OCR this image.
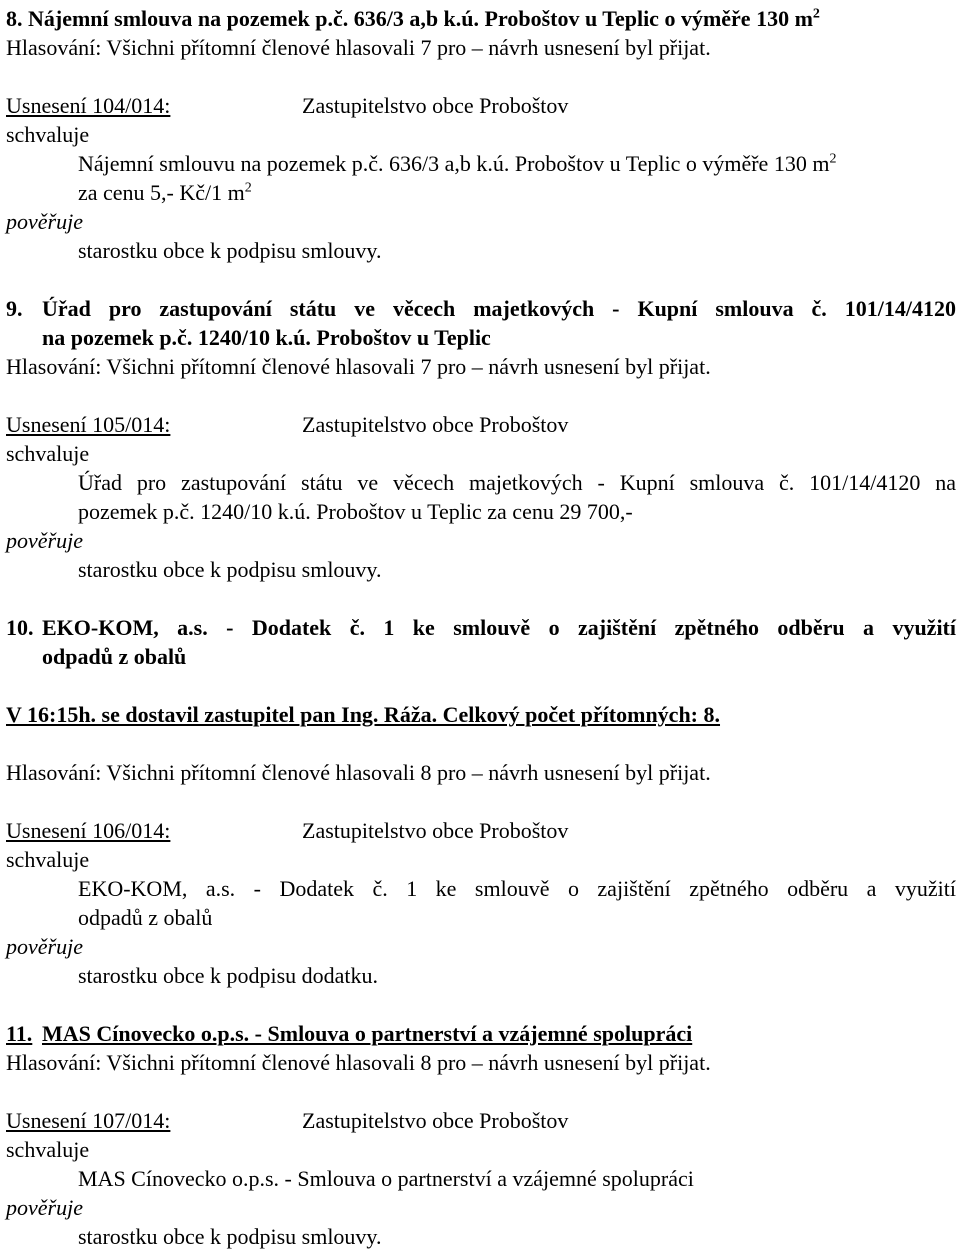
8. Nájemní smlouva na pozemek p.č. 636/3 a,b k.ú. Proboštov u Teplic o výměře 130 $m^2$
Hlasování: Všichni přítomní členové hlasovali 7 pro – návrh usnesení byl přijat.
Usnesení 104/014:	Zastupitelstvo obce Proboštov
schvaluje
Nájemní smlouvu na pozemek p.č. 636/3 a,b k.ú. Proboštov u Teplic o výměře 130 $m^2$
za cenu 5,- Kč/1 $m^2$
pověřuje
starostku obce k podpisu smlouvy.
9. Úřad pro zastupování státu ve věcech majetkových - Kupní smlouva č. 101/14/4120
na pozemek p.č. 1240/10 k.ú. Proboštov u Teplic
Hlasování: Všichni přítomní členové hlasovali 7 pro – návrh usnesení byl přijat.
Usnesení 105/014:	Zastupitelstvo obce Proboštov
schvaluje
Úřad pro zastupování státu ve věcech majetkových - Kupní smlouva č. 101/14/4120 na
pozemek p.č. 1240/10 k.ú. Proboštov u Teplic za cenu 29 700,-
pověřuje
starostku obce k podpisu smlouvy.
10. EKO-KOM, a.s. - Dodatek č. 1 ke smlouvě o zajištění zpětného odběru a využití
odpadů z obalů
V 16:15h. se dostavil zastupitel pan Ing. Ráža. Celkový počet přítomných: 8.
Hlasování: Všichni přítomní členové hlasovali 8 pro – návrh usnesení byl přijat.
Usnesení 106/014:	Zastupitelstvo obce Proboštov
schvaluje
EKO-KOM, a.s. - Dodatek č. 1 ke smlouvě o zajištění zpětného odběru a využití
odpadů z obalů
pověřuje
starostku obce k podpisu dodatku.
11. MAS Cínovecko o.p.s. - Smlouva o partnerství a vzájemné spolupráci
Hlasování: Všichni přítomní členové hlasovali 8 pro – návrh usnesení byl přijat.
Usnesení 107/014:	Zastupitelstvo obce Proboštov
schvaluje
MAS Cínovecko o.p.s. - Smlouva o partnerství a vzájemné spolupráci
pověřuje
starostku obce k podpisu smlouvy.
